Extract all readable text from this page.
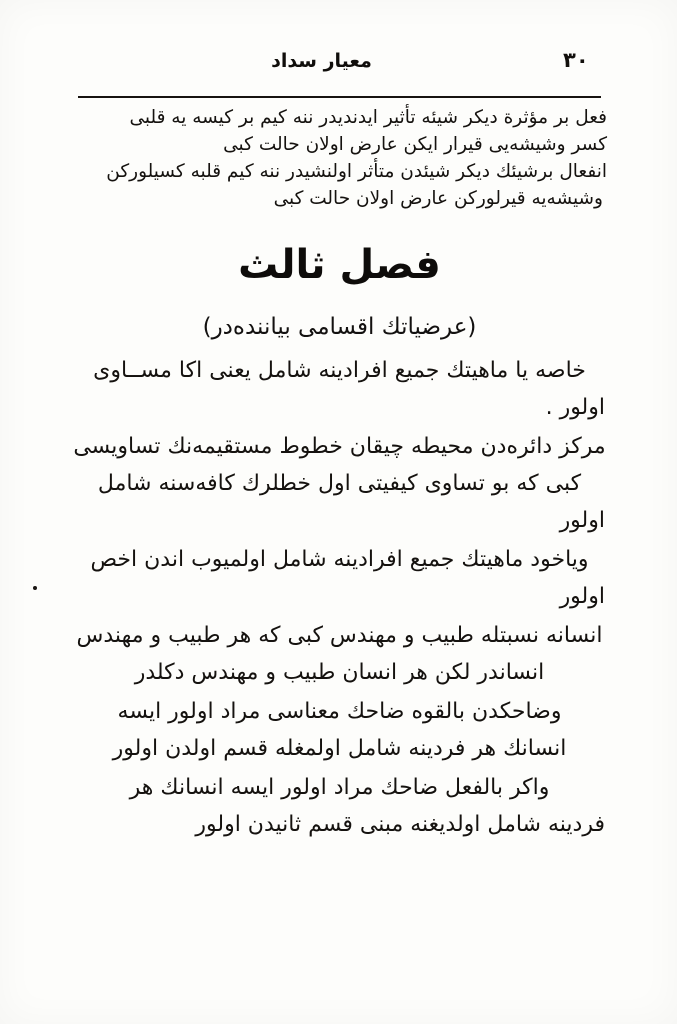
٣٠
معيار سداد
فعل بر مؤثرة ديكر شيئه تأثير ايدنديدر ننه كيم بر كيسه يه قلبى
كسر وشيشه‌يى قيرار ايكن عارض اولان حالت كبى
انفعال برشيئك ديكر شيئدن متأثر اولنشيدر ننه كيم قلبه كسيلوركن
وشيشه‌يه قيرلوركن عارض اولان حالت كبى
فصل ثالث
(عرضياتك اقسامى بياننده‌در)
خاصه يا ماهيتك جميع افرادينه شامل يعنى اكا مســاوى
اولور .
مركز دائره‌دن محيطه چيقان خطوط مستقيمه‌نك تساويسى
كبى كه بو تساوى كيفيتى اول خطلرك كافه‌سنه شامل
اولور
وياخود ماهيتك جميع افرادينه شامل اولميوب اندن اخص
اولور
انسانه نسبتله طبيب و مهندس كبى كه هر طبيب و مهندس
انساندر لكن هر انسان طبيب و مهندس دكلدر
وضاحكدن بالقوه ضاحك معناسى مراد اولور ايسه
انسانك هر فردينه شامل اولمغله قسم اولدن اولور
واكر بالفعل ضاحك مراد اولور ايسه انسانك هر
فردينه شامل اولديغنه مبنى قسم ثانيدن اولور
